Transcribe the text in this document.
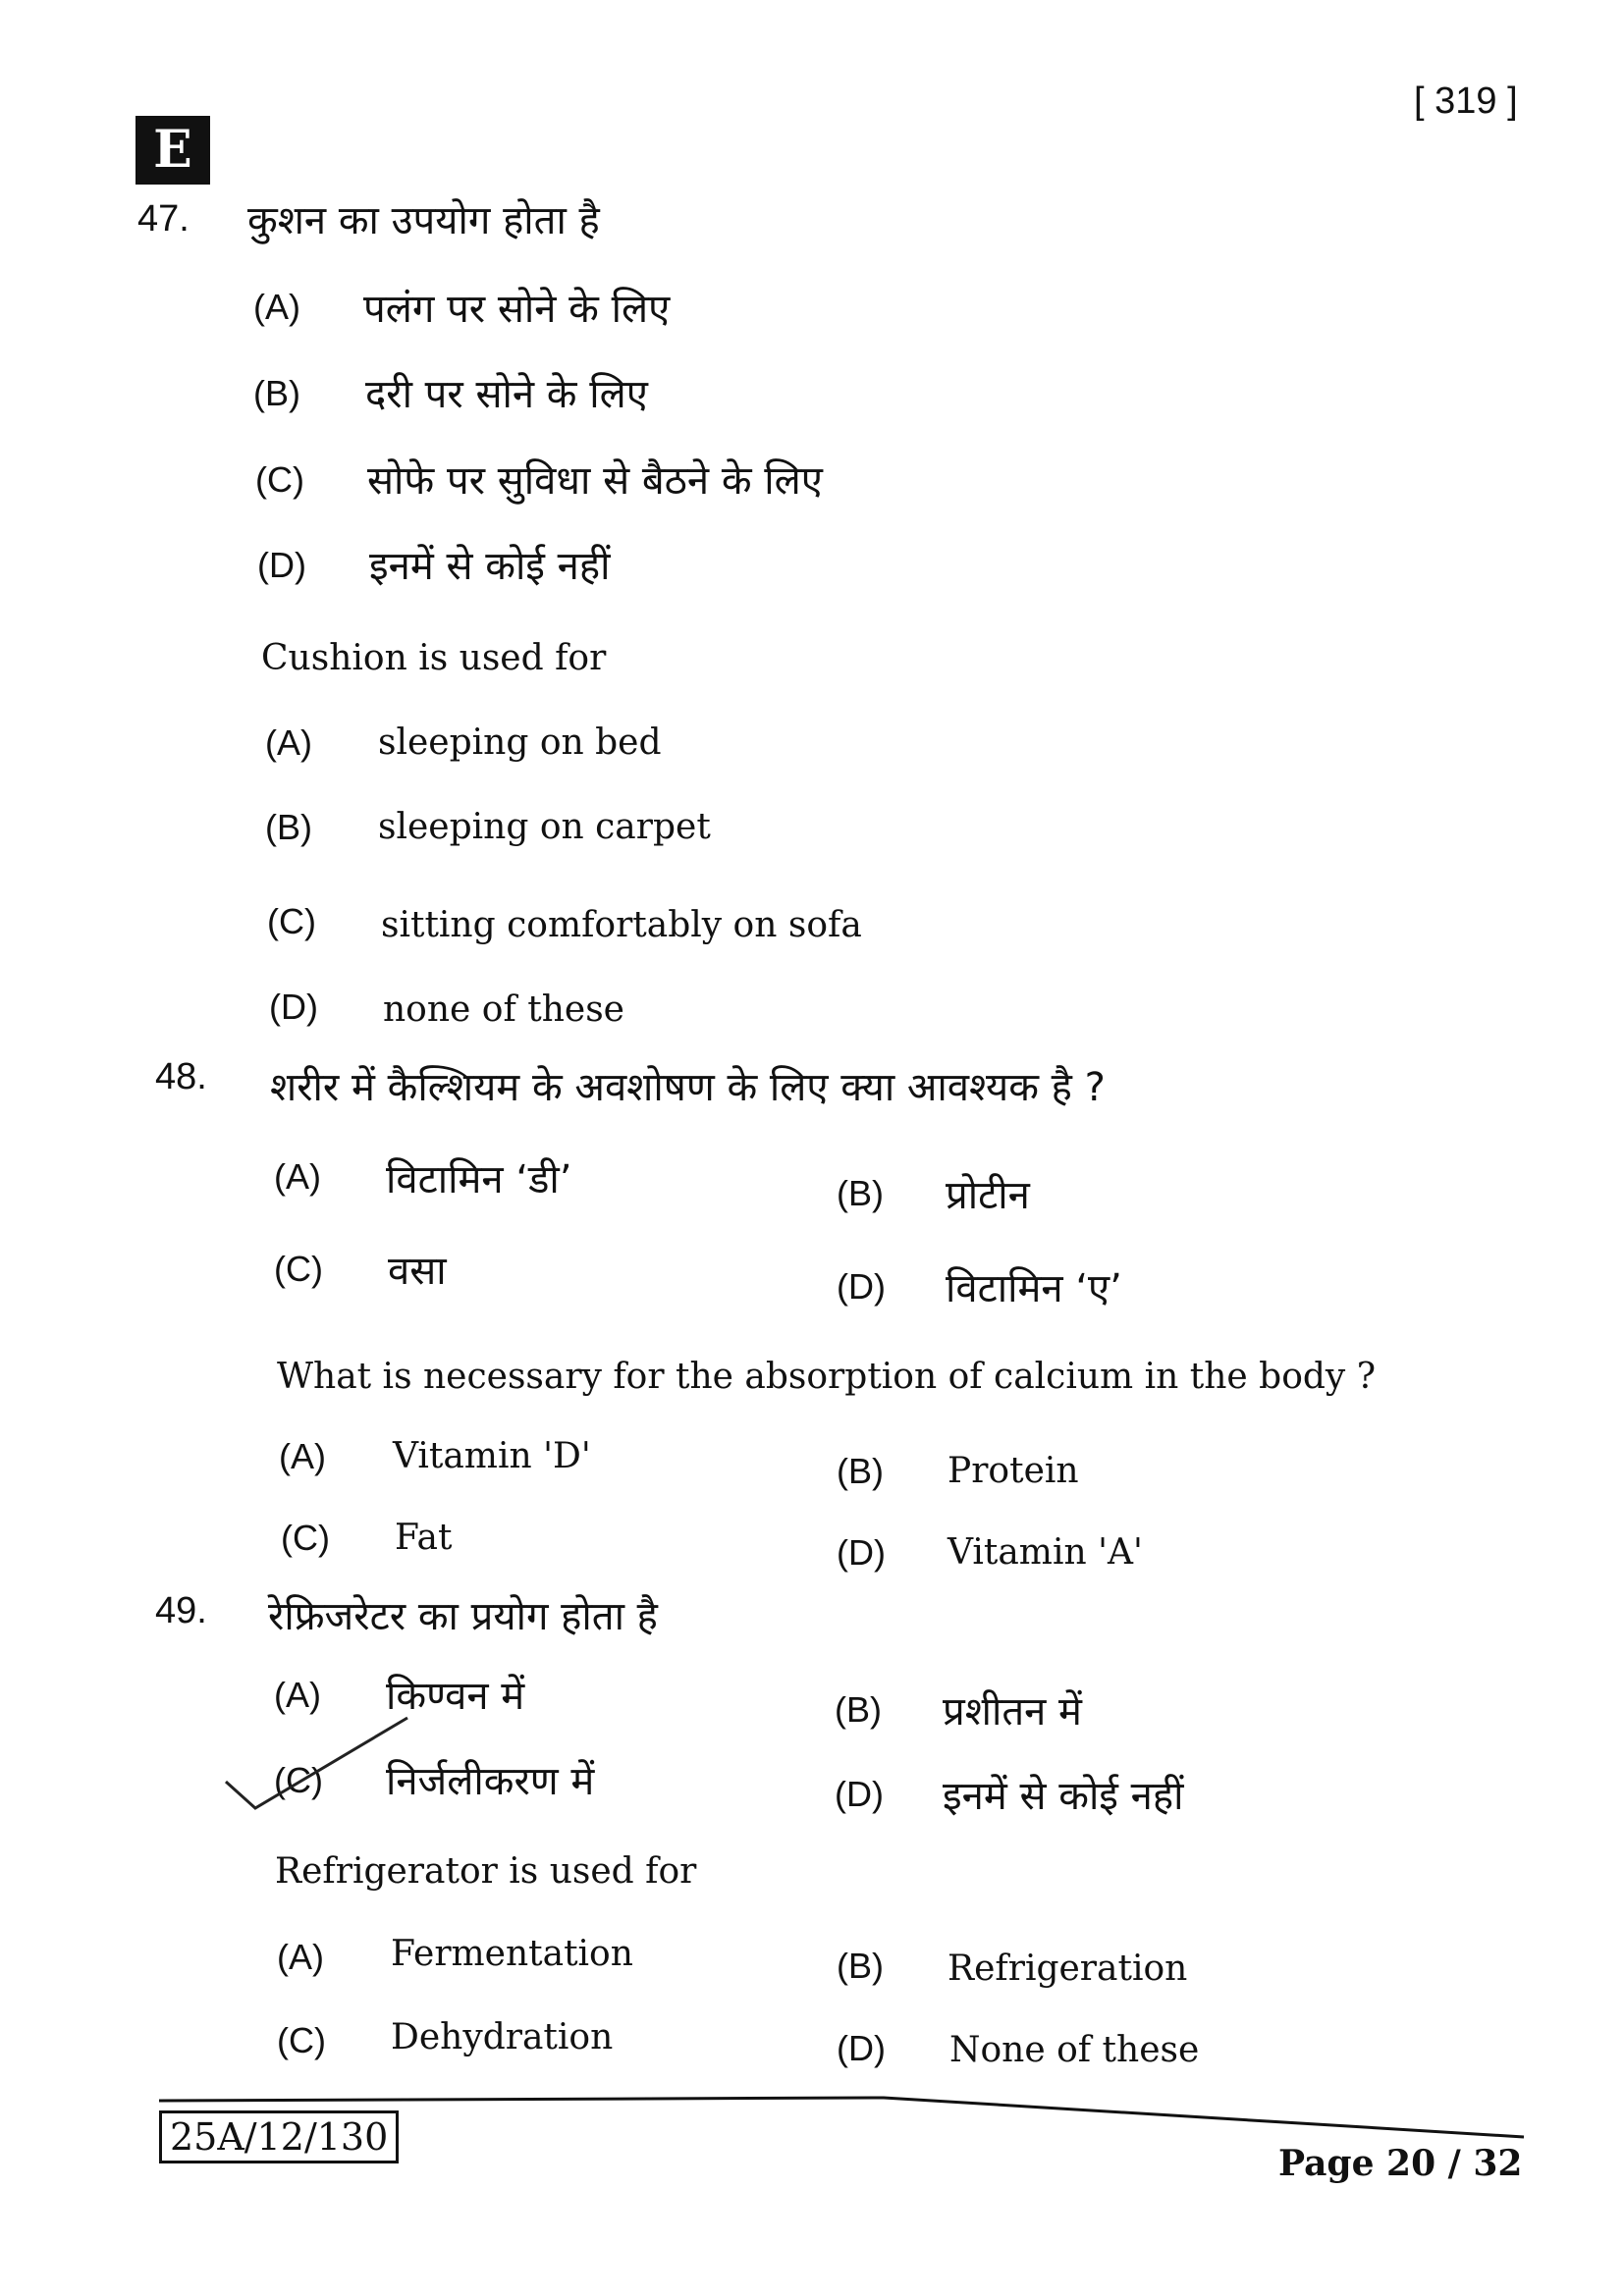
[ 319 ]
E
47. कुशन का उपयोग होता है
(A) पलंग पर सोने के लिए
(B) दरी पर सोने के लिए
(C) सोफे पर सुविधा से बैठने के लिए
(D) इनमें से कोई नहीं
Cushion is used for
(A) sleeping on bed
(B) sleeping on carpet
(C) sitting comfortably on sofa
(D) none of these
48. शरीर में कैल्शियम के अवशोषण के लिए क्या आवश्यक है ?
(A) विटामिन ‘डी’	(B) प्रोटीन
(C) वसा	(D) विटामिन ‘ए’
What is necessary for the absorption of calcium in the body ?
(A) Vitamin 'D'	(B) Protein
(C) Fat	(D) Vitamin 'A'
49. रेफ्रिजरेटर का प्रयोग होता है
(A) किण्वन में	(B) प्रशीतन में
(C) निर्जलीकरण में	(D) इनमें से कोई नहीं
Refrigerator is used for
(A) Fermentation	(B) Refrigeration
(C) Dehydration	(D) None of these
25A/12/130
Page 20 / 32
